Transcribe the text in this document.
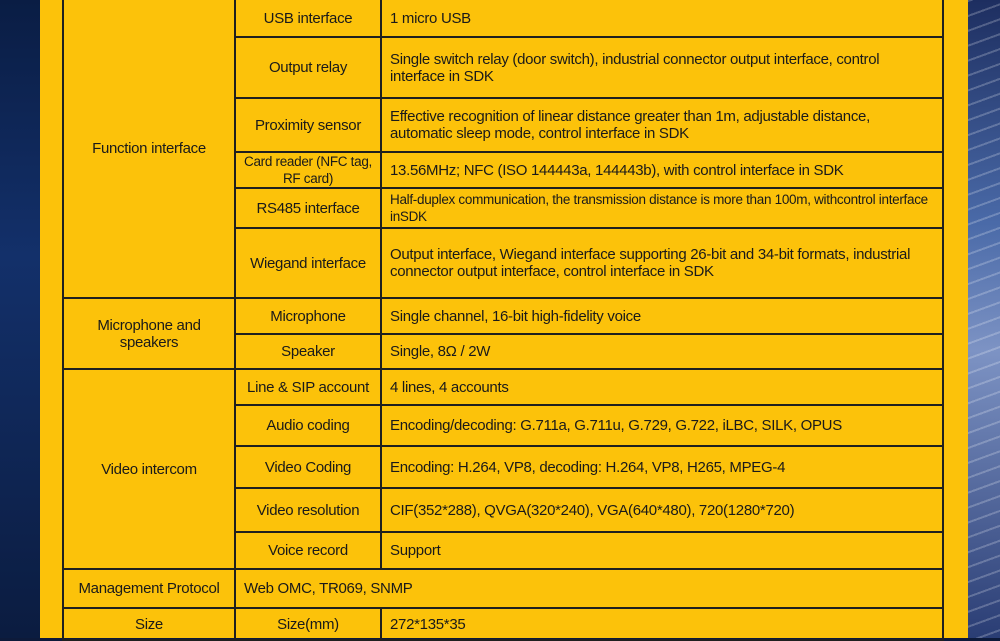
Function interface	USB interface	1 micro USB
	Output relay	Single switch relay (door switch), industrial connector output interface, control interface in SDK
	Proximity sensor	Effective recognition of linear distance greater than 1m, adjustable distance, automatic sleep mode, control interface in SDK
	Card reader (NFC tag, RF card)	13.56MHz; NFC (ISO 144443a, 144443b), with control interface in SDK
	RS485 interface	Half-duplex communication, the transmission distance is more than 100m, withcontrol interface inSDK
	Wiegand interface	Output interface, Wiegand interface supporting 26-bit and 34-bit formats, industrial connector output interface, control interface in SDK
Microphone and speakers	Microphone	Single channel, 16-bit high-fidelity voice
	Speaker	Single, 8Ω / 2W
Video intercom	Line & SIP account	4 lines, 4 accounts
	Audio coding	Encoding/decoding: G.711a, G.711u, G.729, G.722, iLBC, SILK, OPUS
	Video Coding	Encoding: H.264, VP8, decoding: H.264, VP8, H265, MPEG-4
	Video resolution	CIF(352*288), QVGA(320*240), VGA(640*480), 720(1280*720)
	Voice record	Support
Management Protocol	Web OMC, TR069, SNMP	
Size	Size(mm)	272*135*35
